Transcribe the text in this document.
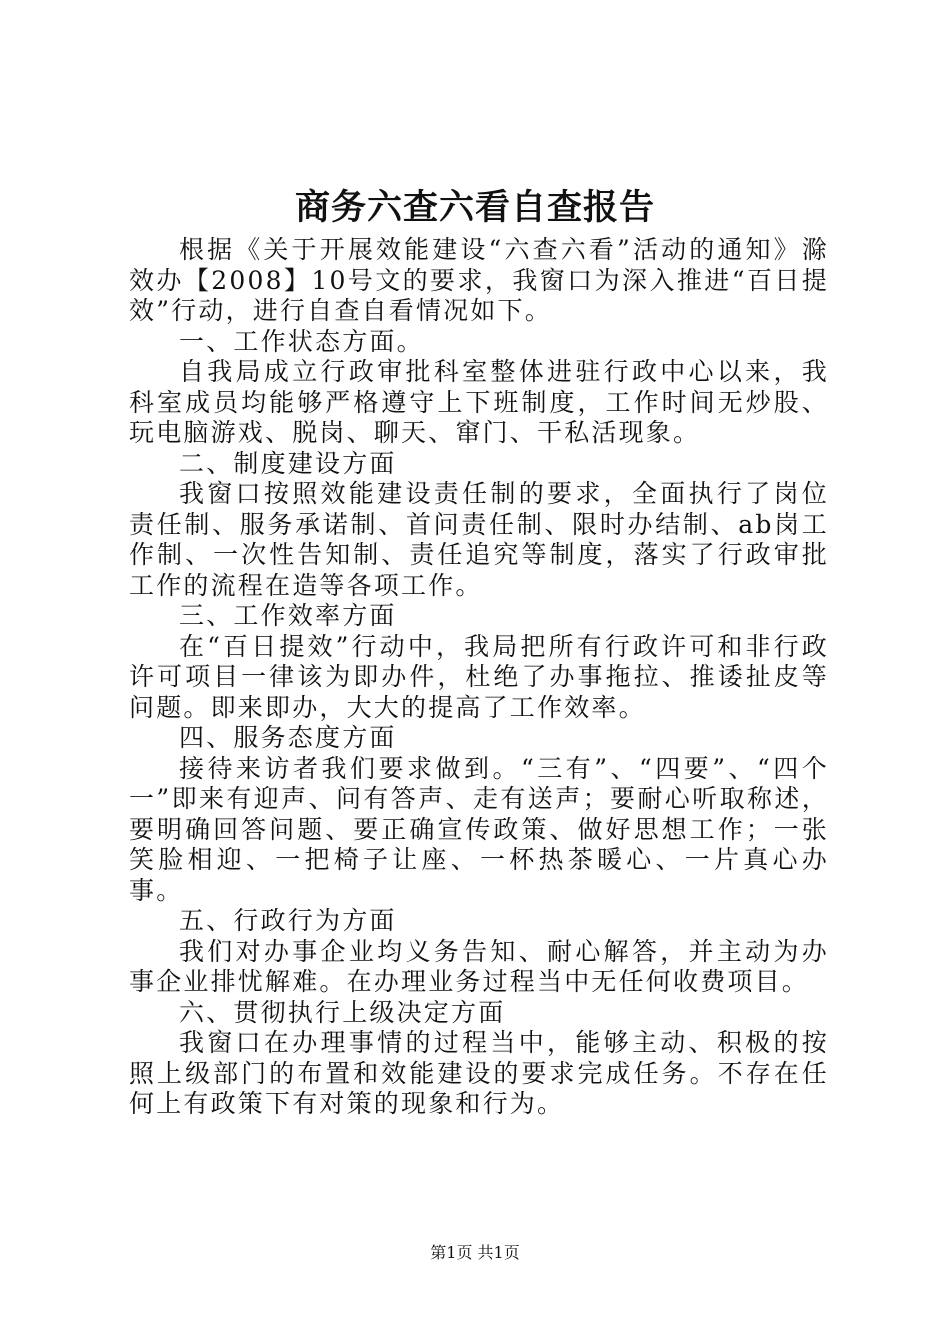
商务六查六看自查报告

根据《关于开展效能建设“六查六看”活动的通知》滁效办【2008】10号文的要求，我窗口为深入推进“百日提效”行动，进行自查自看情况如下。

一、工作状态方面。

自我局成立行政审批科室整体进驻行政中心以来，我科室成员均能够严格遵守上下班制度，工作时间无炒股、玩电脑游戏、脱岗、聊天、窜门、干私活现象。

二、制度建设方面

我窗口按照效能建设责任制的要求，全面执行了岗位责任制、服务承诺制、首问责任制、限时办结制、ab岗工作制、一次性告知制、责任追究等制度，落实了行政审批工作的流程在造等各项工作。

三、工作效率方面

在“百日提效”行动中，我局把所有行政许可和非行政许可项目一律该为即办件，杜绝了办事拖拉、推诿扯皮等问题。即来即办，大大的提高了工作效率。

四、服务态度方面

接待来访者我们要求做到。“三有”、“四要”、“四个一”即来有迎声、问有答声、走有送声；要耐心听取称述，要明确回答问题、要正确宣传政策、做好思想工作；一张笑脸相迎、一把椅子让座、一杯热茶暖心、一片真心办事。

五、行政行为方面

我们对办事企业均义务告知、耐心解答，并主动为办事企业排忧解难。在办理业务过程当中无任何收费项目。

六、贯彻执行上级决定方面

我窗口在办理事情的过程当中，能够主动、积极的按照上级部门的布置和效能建设的要求完成任务。不存在任何上有政策下有对策的现象和行为。

第1页 共1页
